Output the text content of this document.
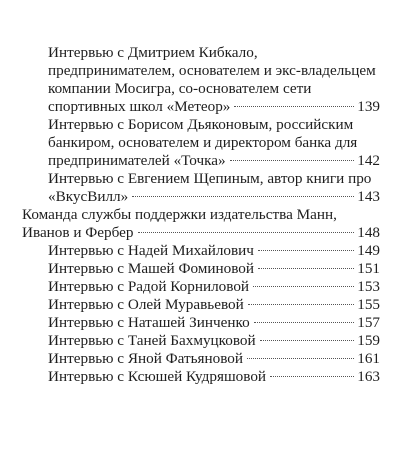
Интервью с Дмитрием Кибкало,
предпринимателем, основателем и экс-владельцем
компании Мосигра, со-основателем сети
спортивных школ «Метеор»	139
Интервью с Борисом Дьяконовым, российским
банкиром, основателем и директором банка для
предпринимателей «Точка»	142
Интервью с Евгением Щепиным, автор книги про
«ВкусВилл»	143
Команда службы поддержки издательства Манн,
Иванов и Фербер	148
Интервью с Надей Михайлович	149
Интервью с Машей Фоминовой	151
Интервью с Радой Корниловой	153
Интервью с Олей Муравьевой	155
Интервью с Наташей Зинченко	157
Интервью с Таней Бахмуцковой	159
Интервью с Яной Фатьяновой	161
Интервью с Ксюшей Кудряшовой	163
